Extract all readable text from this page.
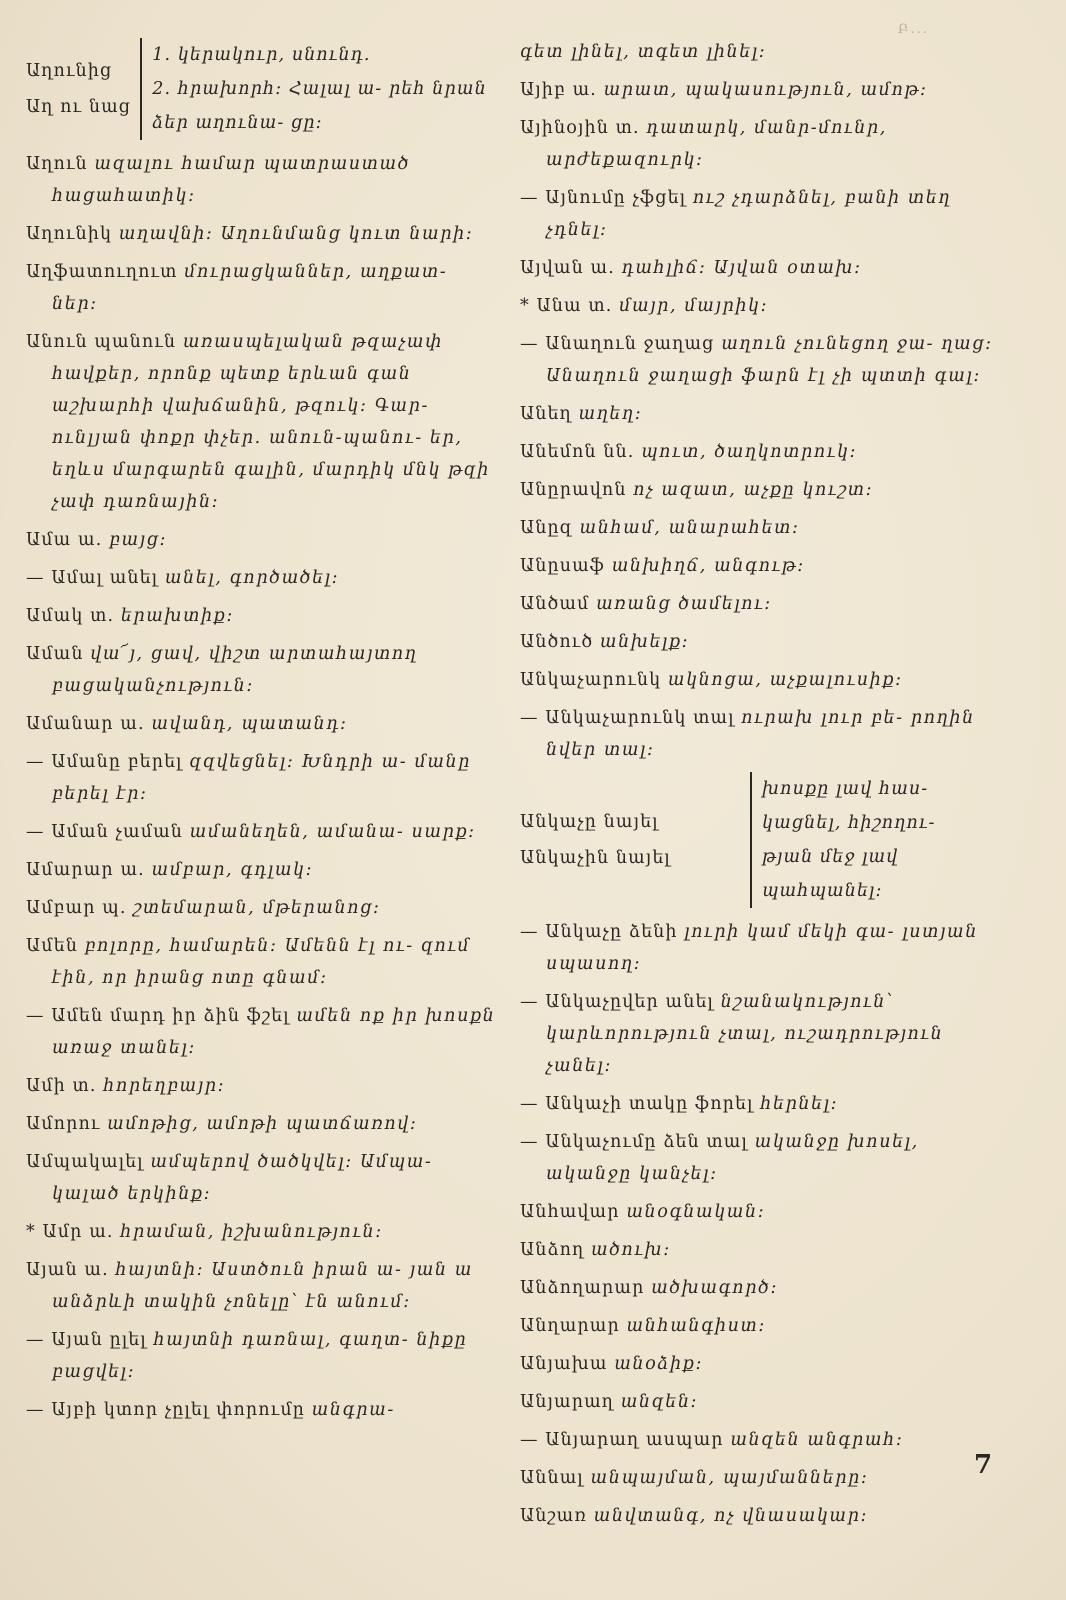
Բ...
Աղունից
Աղ ու նաց
1. կերակուր, սնունդ.
2. հրախորհ։ Հալալ ա- րեհ նրան ձեր աղունա- ցը։
Աղուն ազալու համար պատրաստած հացահատիկ։
Աղունիկ աղավնի։ Աղունմանց կուտ նարի։
Աղֆատուղուտ մուրացկաններ, աղքատ- ներ։
Անուն պանուն առասպելական թզաչափ հավքեր, որոնք պետք երևան գան աշխարհի վախճանին, թզուկ։ Գար- ունլյան փոքր փչեր. անուն-պանու- եր, եղևս մարգարեն գալին, մարդիկ մնկ թզի չափ դառնային։
Ամա ա. բայց։
— Ամալ անել անել, գործածել։
Ամակ տ. երախտիք։
Աման վա՜յ, ցավ, վիշտ արտահայտող բացականչություն։
Ամանար ա. ավանդ, պատանդ։
— Ամանը բերել զզվեցնել։ Խնդրի ա- մանը բերել էր։
— Աման չաման ամանեղեն, ամանա- սարք։
Ամարար ա. ամբար, գդլակ։
Ամբար պ. շտեմարան, մթերանոց։
Ամեն բոլորը, համարեն։ Ամենն էլ ու- զում էին, որ իրանց ոտը գնամ։
— Ամեն մարդ իր ձին ֆշել ամեն ոք իր խոսքն առաջ տանել։
Ամի տ. հորեղբայր։
Ամորու ամոթից, ամոթի պատճառով։
Ամպակալել ամպերով ծածկվել։ Ամպա- կալած երկինք։
* Ամր ա. հրաման, իշխանություն։
Այան ա. հայտնի։ Աստծուն իրան ա- յան ա անձրևի տակին չոնելը՝ էն անում։
— Այան ըլել հայտնի դառնալ, գաղտ- նիքը բացվել։
— Այբի կտոր չըլել փորումը անգրա-
գետ լինել, տգետ լինել։
Այիբ ա. արատ, պակասություն, ամոթ։
Այինօյին տ. դատարկ, մանր-մունր, արժեքազուրկ։
— Այնումը չֆցել ուշ չդարձնել, բանի տեղ չդնել։
Այվան ա. դահլիճ։ Այվան օտախ։
* Անա տ. մայր, մայրիկ։
— Անաղուն ջաղաց աղուն չունեցող ջա- ղաց։ Անաղուն ջաղացի ֆարն էլ չի պտտի գալ։
Անեղ աղեղ։
Անեմոն նն. պուտ, ծաղկոտրուկ։
Անըրավոն ոչ ազատ, աչքը կուշտ։
Անըզ անհամ, անարահետ։
Անըսաֆ անխիղճ, անգութ։
Անծամ առանց ծամելու։
Անծուծ անխելք։
Անկաչարունկ ակնոցա, աչքալուսիք։
— Անկաչարունկ տալ ուրախ լուր բե- րողին նվեր տալ։
Անկաչը նայել
Անկաչին նայել
խոսքը լավ հաս-
կացնել, հիշողու-
թյան մեջ լավ
պահպանել։
— Անկաչը ձենի լուրի կամ մեկի գա- լստյան սպասող։
— Անկաչըվեր անել նշանակություն՝ կարևորություն չտալ, ուշադրություն չանել։
— Անկաչի տակը ֆորել հերնել։
— Անկաչումը ձեն տալ ականջը խոսել, ականջը կանչել։
Անհավար անօգնական։
Անձող ածուխ։
Անձողարար ածխագործ։
Անղարար անհանգիստ։
Անյախա անօձիք։
Անյարաղ անզեն։
— Անյարաղ ասպար անզեն անգրահ։
Աննալ անպայման, պայմանները։
Անշառ անվտանգ, ոչ վնասակար։
7
